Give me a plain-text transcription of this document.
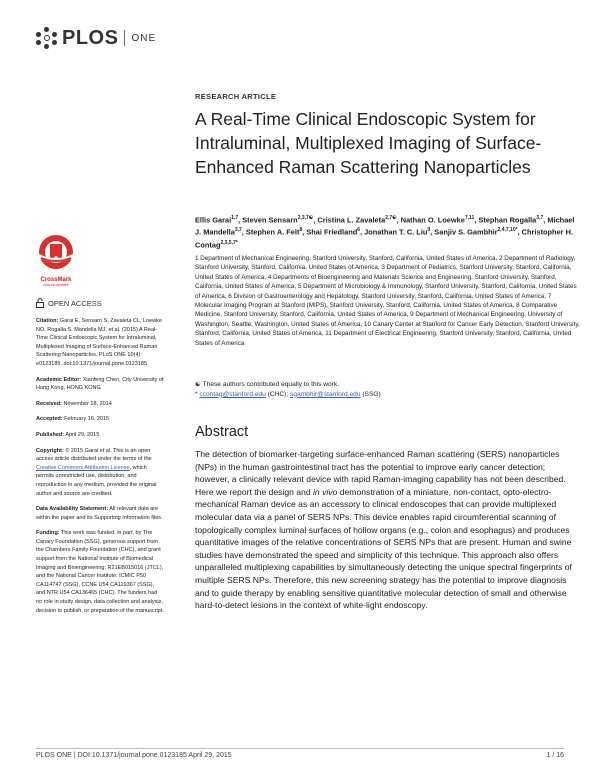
PLOS ONE
RESEARCH ARTICLE
A Real-Time Clinical Endoscopic System for Intraluminal, Multiplexed Imaging of Surface-Enhanced Raman Scattering Nanoparticles
Ellis Garai$^{1,7}$, Steven Sensarn$^{2,3,7☯}$, Cristina L. Zavaleta$^{2,7☯}$, Nathan O. Loewke$^{7,11}$, Stephan Rogalla$^{3,7}$, Michael J. Mandella$^{3,7}$, Stephen A. Felt$^8$, Shai Friedland$^6$, Jonathan T. C. Liu$^9$, Sanjiv S. Gambhir$^{2,4,7,10*}$, Christopher H. Contag$^{2,3,5,7*}$
1 Department of Mechanical Engineering, Stanford University, Stanford, California, United States of America, 2 Department of Radiology, Stanford University, Stanford, California, United States of America, 3 Department of Pediatrics, Stanford University, Stanford, California, United States of America, 4 Departments of Bioengineering and Materials Science and Engineering, Stanford University, Stanford, California, United States of America, 5 Department of Microbiology & Immunology, Stanford University, Stanford, California, United States of America, 6 Division of Gastroenterology and Hepatology, Stanford University, Stanford, California, United States of America, 7 Molecular Imaging Program at Stanford (MIPS), Stanford University, Stanford, California, United States of America, 8 Comparative Medicine, Stanford University, Stanford, California, United States of America, 9 Department of Mechanical Engineering, University of Washington, Seattle, Washington, United States of America, 10 Canary Center at Stanford for Cancer Early Detection, Stanford University, Stanford, California, United States of America, 11 Department of Electrical Engineering, Stanford University, Stanford, California, United States of America
☯ These authors contributed equally to this work.
* ccontag@stanford.edu (CHC); sgambhir@stanford.edu (SSG)
Abstract
The detection of biomarker-targeting surface-enhanced Raman scattering (SERS) nanoparticles (NPs) in the human gastrointestinal tract has the potential to improve early cancer detection; however, a clinically relevant device with rapid Raman-imaging capability has not been described. Here we report the design and in vivo demonstration of a miniature, non-contact, opto-electro-mechanical Raman device as an accessory to clinical endoscopes that can provide multiplexed molecular data via a panel of SERS NPs. This device enables rapid circumferential scanning of topologically complex luminal surfaces of hollow organs (e.g., colon and esophagus) and produces quantitative images of the relative concentrations of SERS NPs that are present. Human and swine studies have demonstrated the speed and simplicity of this technique. This approach also offers unparalleled multiplexing capabilities by simultaneously detecting the unique spectral fingerprints of multiple SERS NPs. Therefore, this new screening strategy has the potential to improve diagnosis and to guide therapy by enabling sensitive quantitative molecular detection of small and otherwise hard-to-detect lesions in the context of white-light endoscopy.
CrossMark
click for updates
OPEN ACCESS

Citation: Garai E, Sensarn S, Zavaleta CL, Loewke NO, Rogalla S, Mandella MJ, et al. (2015) A Real-Time Clinical Endoscopic System for Intraluminal, Multiplexed Imaging of Surface-Enhanced Raman Scattering Nanoparticles. PLoS ONE 10(4): e0123185. doi:10.1371/journal.pone.0123185

Academic Editor: Xianfeng Chen, City University of Hong Kong, HONG KONG

Received: November 18, 2014

Accepted: February 16, 2015

Published: April 29, 2015

Copyright: © 2015 Garai et al. This is an open access article distributed under the terms of the Creative Commons Attribution License, which permits unrestricted use, distribution, and reproduction in any medium, provided the original author and source are credited.

Data Availability Statement: All relevant data are within the paper and its Supporting Information files.

Funding: This work was funded, in part, by The Canary Foundation (SSG), generous support from the Chambers Family Foundation (CHC), and grant support from the National Institute of Biomedical Imaging and Bioengineering: R21EB015016 (JTCL), and the National Cancer Institute: ICMIC P50 CA114747 (SSG), CCNE U54 CA119367 (SSG), and NTR U54 CA136465 (CHC). The funders had no role in study design, data collection and analysis, decision to publish, or preparation of the manuscript.

PLOS ONE | DOI:10.1371/journal.pone.0123185 April 29, 2015	1 / 16
